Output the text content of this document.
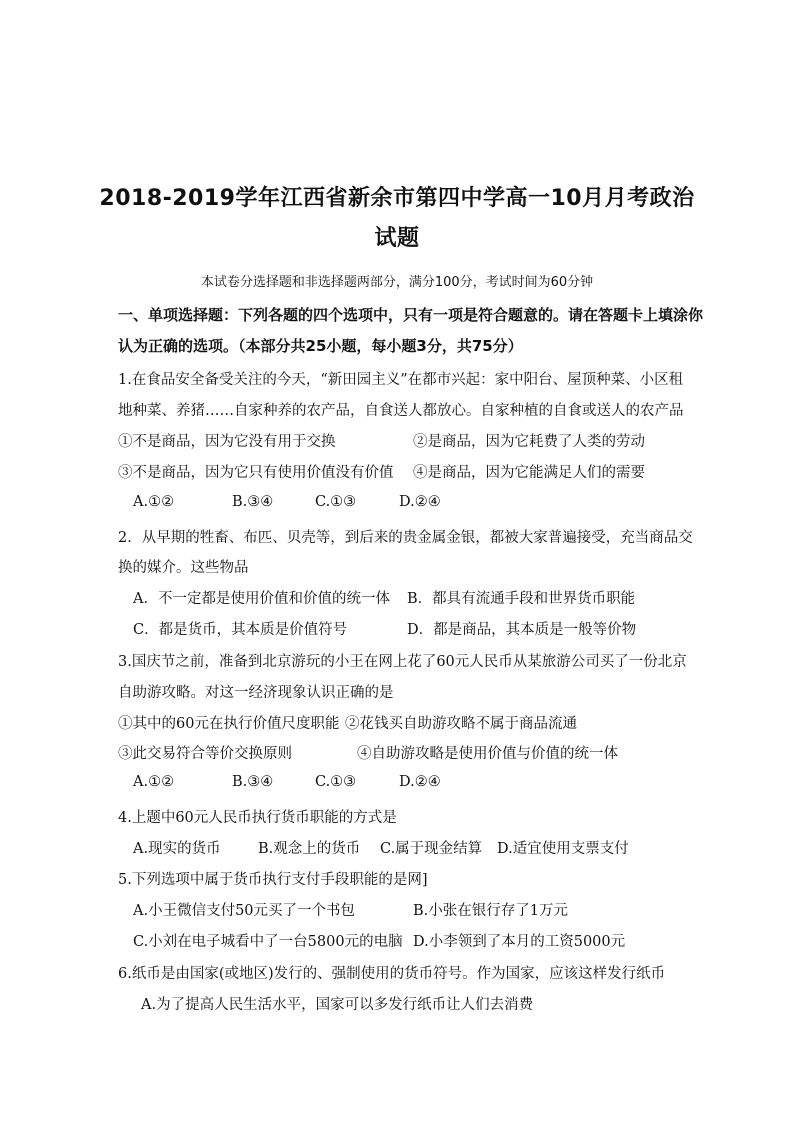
2018-2019学年江西省新余市第四中学高一10月月考政治
试题
本试卷分选择题和非选择题两部分，满分100分，考试时间为60分钟
一、单项选择题：下列各题的四个选项中，只有一项是符合题意的。请在答题卡上填涂你
认为正确的选项。（本部分共25小题，每小题3分，共75分）
1.在食品安全备受关注的今天，“新田园主义”在都市兴起：家中阳台、屋顶种菜、小区租
地种菜、养猪……自家种养的农产品，自食送人都放心。自家种植的自食或送人的农产品
①不是商品，因为它没有用于交换	②是商品，因为它耗费了人类的劳动
③不是商品，因为它只有使用价值没有价值 ④是商品，因为它能满足人们的需要
A.①②	B.③④	C.①③	D.②④
2．从早期的牲畜、布匹、贝壳等，到后来的贵金属金银，都被大家普遍接受，充当商品交
换的媒介。这些物品
A．不一定都是使用价值和价值的统一体 B．都具有流通手段和世界货币职能
C．都是货币，其本质是价值符号	D．都是商品，其本质是一般等价物
3.国庆节之前，准备到北京游玩的小王在网上花了60元人民币从某旅游公司买了一份北京
自助游攻略。对这一经济现象认识正确的是
①其中的60元在执行价值尺度职能 ②花钱买自助游攻略不属于商品流通
③此交易符合等价交换原则	④自助游攻略是使用价值与价值的统一体
A.①②	B.③④	C.①③	D.②④
4.上题中60元人民币执行货币职能的方式是
A.现实的货币	B.观念上的货币 C.属于现金结算 D.适宜使用支票支付
5.下列选项中属于货币执行支付手段职能的是网]
A.小王微信支付50元买了一个书包	B.小张在银行存了1万元
C.小刘在电子城看中了一台5800元的电脑 D.小李领到了本月的工资5000元
6.纸币是由国家(或地区)发行的、强制使用的货币符号。作为国家，应该这样发行纸币
A.为了提高人民生活水平，国家可以多发行纸币让人们去消费
